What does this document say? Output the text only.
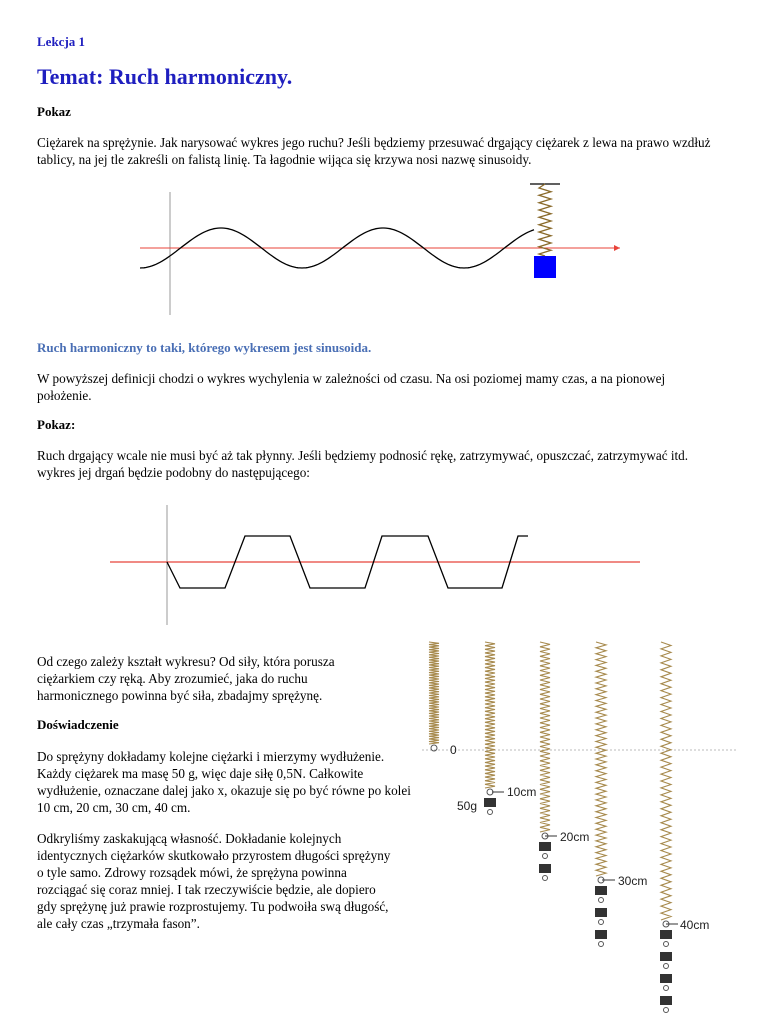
Lekcja 1
Temat: Ruch harmoniczny.
Pokaz

Ciężarek na sprężynie. Jak narysować wykres jego ruchu? Jeśli będziemy przesuwać drgający ciężarek z lewa na prawo wzdłuż tablicy, na jej tle zakreśli on falistą linię. Ta łagodnie wijąca się krzywa nosi nazwę sinusoidy.

Ruch harmoniczny to taki, którego wykresem jest sinusoida.

W powyższej definicji chodzi o wykres wychylenia w zależności od czasu. Na osi poziomej mamy czas, a na pionowej położenie.

Pokaz:

Ruch drgający wcale nie musi być aż tak płynny. Jeśli będziemy podnosić rękę, zatrzymywać, opuszczać, zatrzymywać itd. wykres jej drgań będzie podobny do następującego:

Od czego zależy kształt wykresu? Od siły, która porusza ciężarkiem czy ręką. Aby zrozumieć, jaka do ruchu harmonicznego powinna być siła, zbadajmy sprężynę.

Doświadczenie

Do sprężyny dokładamy kolejne ciężarki i mierzymy wydłużenie. Każdy ciężarek ma masę 50 g, więc daje siłę 0,5N. Całkowite wydłużenie, oznaczane dalej jako x, okazuje się po być równe po kolei 10 cm, 20 cm, 30 cm, 40 cm.

Odkryliśmy zaskakującą własność. Dokładanie kolejnych identycznych ciężarków skutkowało przyrostem długości sprężyny o tyle samo. Zdrowy rozsądek mówi, że sprężyna powinna rozciągać się coraz mniej. I tak rzeczywiście będzie, ale dopiero gdy sprężynę już prawie rozprostujemy. Tu podwoiła swą długość, ale cały czas „trzymała fason”.

0
10cm
20cm
30cm
40cm
50g
